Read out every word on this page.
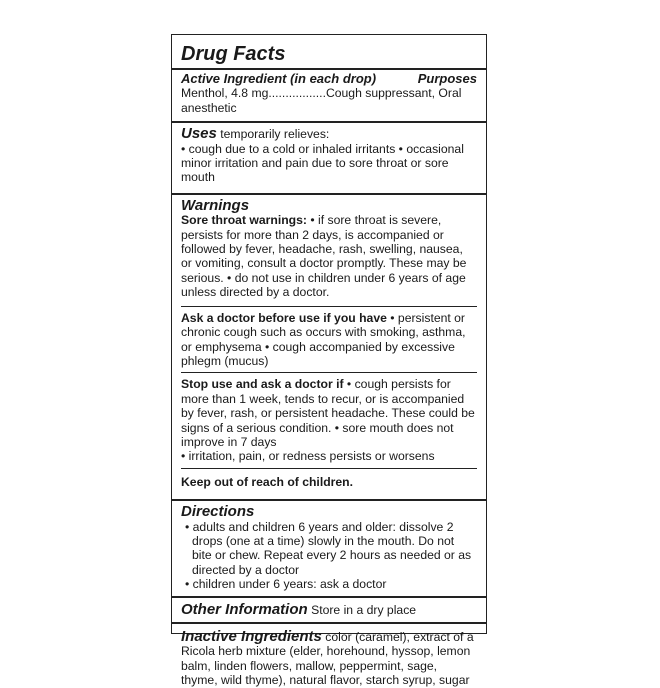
Drug Facts
Active Ingredient (in each drop)	Purposes
Menthol, 4.8 mg.................Cough suppressant, Oral anesthetic
Uses temporarily relieves:
• cough due to a cold or inhaled irritants • occasional minor irritation and pain due to sore throat or sore mouth
Warnings
Sore throat warnings: • if sore throat is severe, persists for more than 2 days, is accompanied or followed by fever, headache, rash, swelling, nausea, or vomiting, consult a doctor promptly. These may be serious. • do not use in children under 6 years of age unless directed by a doctor.
Ask a doctor before use if you have • persistent or chronic cough such as occurs with smoking, asthma, or emphysema • cough accompanied by excessive phlegm (mucus)
Stop use and ask a doctor if • cough persists for more than 1 week, tends to recur, or is accompanied by fever, rash, or persistent headache. These could be signs of a serious condition. • sore mouth does not improve in 7 days
• irritation, pain, or redness persists or worsens
Keep out of reach of children.
Directions
• adults and children 6 years and older: dissolve 2 drops (one at a time) slowly in the mouth. Do not bite or chew. Repeat every 2 hours as needed or as directed by a doctor
• children under 6 years: ask a doctor
Other Information Store in a dry place
Inactive Ingredients color (caramel), extract of a Ricola herb mixture (elder, horehound, hyssop, lemon balm, linden flowers, mallow, peppermint, sage, thyme, wild thyme), natural flavor, starch syrup, sugar
